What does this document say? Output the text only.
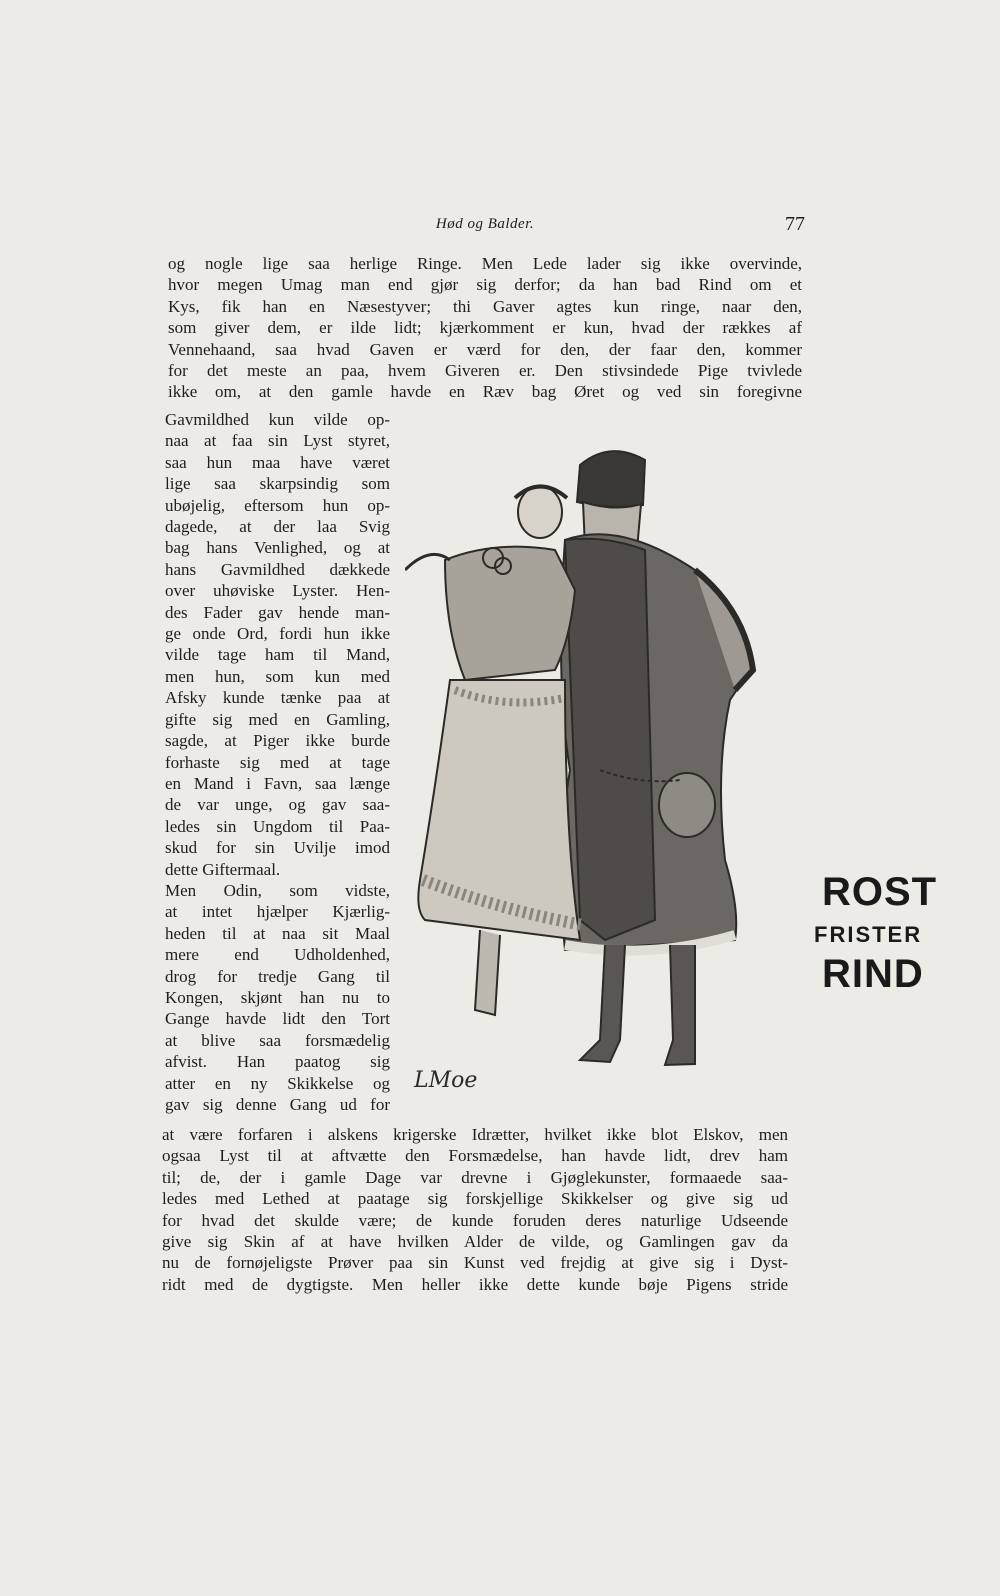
Hød og Balder.	77
og nogle lige saa herlige Ringe. Men Lede lader sig ikke overvinde,
hvor megen Umag man end gjør sig derfor; da han bad Rind om et
Kys, fik han en Næsestyver; thi Gaver agtes kun ringe, naar den,
som giver dem, er ilde lidt; kjærkomment er kun, hvad der rækkes af
Vennehaand, saa hvad Gaven er værd for den, der faar den, kommer
for det meste an paa, hvem Giveren er. Den stivsindede Pige tvivlede
ikke om, at den gamle havde en Ræv bag Øret og ved sin foregivne
Gavmildhed kun vilde op-
naa at faa sin Lyst styret,
saa hun maa have været
lige saa skarpsindig som
ubøjelig, eftersom hun op-
dagede, at der laa Svig
bag hans Venlighed, og at
hans Gavmildhed dækkede
over uhøviske Lyster. Hen-
des Fader gav hende man-
ge onde Ord, fordi hun ikke
vilde tage ham til Mand,
men hun, som kun med
Afsky kunde tænke paa at
gifte sig med en Gamling,
sagde, at Piger ikke burde
forhaste sig med at tage
en Mand i Favn, saa længe
de var unge, og gav saa-
ledes sin Ungdom til Paa-
skud for sin Uvilje imod
dette Giftermaal.
Men Odin, som vidste,
at intet hjælper Kjærlig-
heden til at naa sit Maal
mere end Udholdenhed,
drog for tredje Gang til
Kongen, skjønt han nu to
Gange havde lidt den Tort
at blive saa forsmædelig
afvist. Han paatog sig
atter en ny Skikkelse og
gav sig denne Gang ud for
ROST
FRISTER
RIND
LMoe
at være forfaren i alskens krigerske Idrætter, hvilket ikke blot Elskov, men
ogsaa Lyst til at aftvætte den Forsmædelse, han havde lidt, drev ham
til; de, der i gamle Dage var drevne i Gjøglekunster, formaaede saa-
ledes med Lethed at paatage sig forskjellige Skikkelser og give sig ud
for hvad det skulde være; de kunde foruden deres naturlige Udseende
give sig Skin af at have hvilken Alder de vilde, og Gamlingen gav da
nu de fornøjeligste Prøver paa sin Kunst ved frejdig at give sig i Dyst-
ridt med de dygtigste. Men heller ikke dette kunde bøje Pigens stride
